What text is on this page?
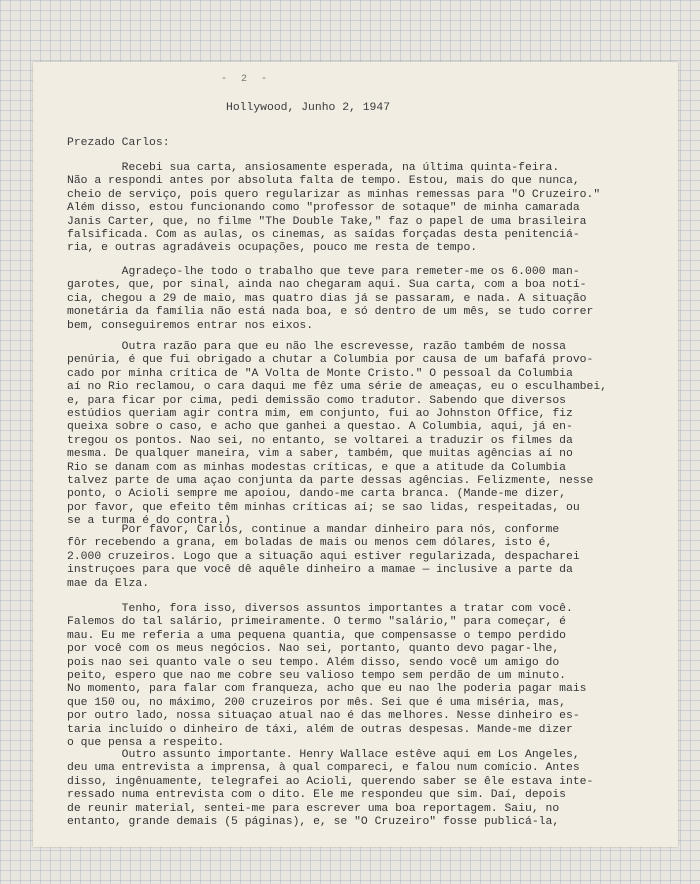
- 2 -
Hollywood, Junho 2, 1947
Prezado Carlos:
Recebi sua carta, ansiosamente esperada, na última quinta-feira.
Não a respondi antes por absoluta falta de tempo. Estou, mais do que nunca,
cheio de serviço, pois quero regularizar as minhas remessas para "O Cruzeiro."
Além disso, estou funcionando como "professor de sotaque" de minha camarada
Janis Carter, que, no filme "The Double Take," faz o papel de uma brasileira
falsificada. Com as aulas, os cinemas, as saídas forçadas desta penitenciá-
ria, e outras agradáveis ocupações, pouco me resta de tempo.
Agradeço-lhe todo o trabalho que teve para remeter-me os 6.000 man-
garotes, que, por sinal, ainda nao chegaram aqui. Sua carta, com a boa notí-
cia, chegou a 29 de maio, mas quatro dias já se passaram, e nada. A situação
monetária da família não está nada boa, e só dentro de um mês, se tudo correr
bem, conseguiremos entrar nos eixos.
Outra razão para que eu não lhe escrevesse, razão também de nossa
penúria, é que fui obrigado a chutar a Columbia por causa de um bafafá provo-
cado por minha crítica de "A Volta de Monte Cristo." O pessoal da Columbia
aí no Rio reclamou, o cara daqui me fêz uma série de ameaças, eu o esculhambei,
e, para ficar por cima, pedi demissão como tradutor. Sabendo que diversos
estúdios queriam agir contra mim, em conjunto, fui ao Johnston Office, fiz
queixa sobre o caso, e acho que ganhei a questao. A Columbia, aqui, já en-
tregou os pontos. Nao sei, no entanto, se voltarei a traduzir os filmes da
mesma. De qualquer maneira, vim a saber, também, que muitas agências aí no
Rio se danam com as minhas modestas críticas, e que a atitude da Columbia
talvez parte de uma açao conjunta da parte dessas agências. Felizmente, nesse
ponto, o Acioli sempre me apoiou, dando-me carta branca. (Mande-me dizer,
por favor, que efeito têm minhas críticas aí; se sao lidas, respeitadas, ou
se a turma é do contra.)
Por favor, Carlos, continue a mandar dinheiro para nós, conforme
fôr recebendo a grana, em boladas de mais ou menos cem dólares, isto é,
2.000 cruzeiros. Logo que a situação aqui estiver regularizada, despacharei
instruçoes para que você dê aquêle dinheiro a mamae — inclusive a parte da
mae da Elza.
Tenho, fora isso, diversos assuntos importantes a tratar com você.
Falemos do tal salário, primeiramente. O termo "salário," para começar, é
mau. Eu me referia a uma pequena quantia, que compensasse o tempo perdido
por você com os meus negócios. Nao sei, portanto, quanto devo pagar-lhe,
pois nao sei quanto vale o seu tempo. Além disso, sendo você um amigo do
peito, espero que nao me cobre seu valioso tempo sem perdão de um minuto.
No momento, para falar com franqueza, acho que eu nao lhe poderia pagar mais
que 150 ou, no máximo, 200 cruzeiros por mês. Sei que é uma miséria, mas,
por outro lado, nossa situaçao atual nao é das melhores. Nesse dinheiro es-
taria incluído o dinheiro de táxi, além de outras despesas. Mande-me dizer
o que pensa a respeito.
Outro assunto importante. Henry Wallace estêve aqui em Los Angeles,
deu uma entrevista a imprensa, à qual compareci, e falou num comício. Antes
disso, ingênuamente, telegrafei ao Acioli, querendo saber se êle estava inte-
ressado numa entrevista com o dito. Êle me respondeu que sim. Daí, depois
de reunir material, sentei-me para escrever uma boa reportagem. Saiu, no
entanto, grande demais (5 páginas), e, se "O Cruzeiro" fosse publicá-la,
